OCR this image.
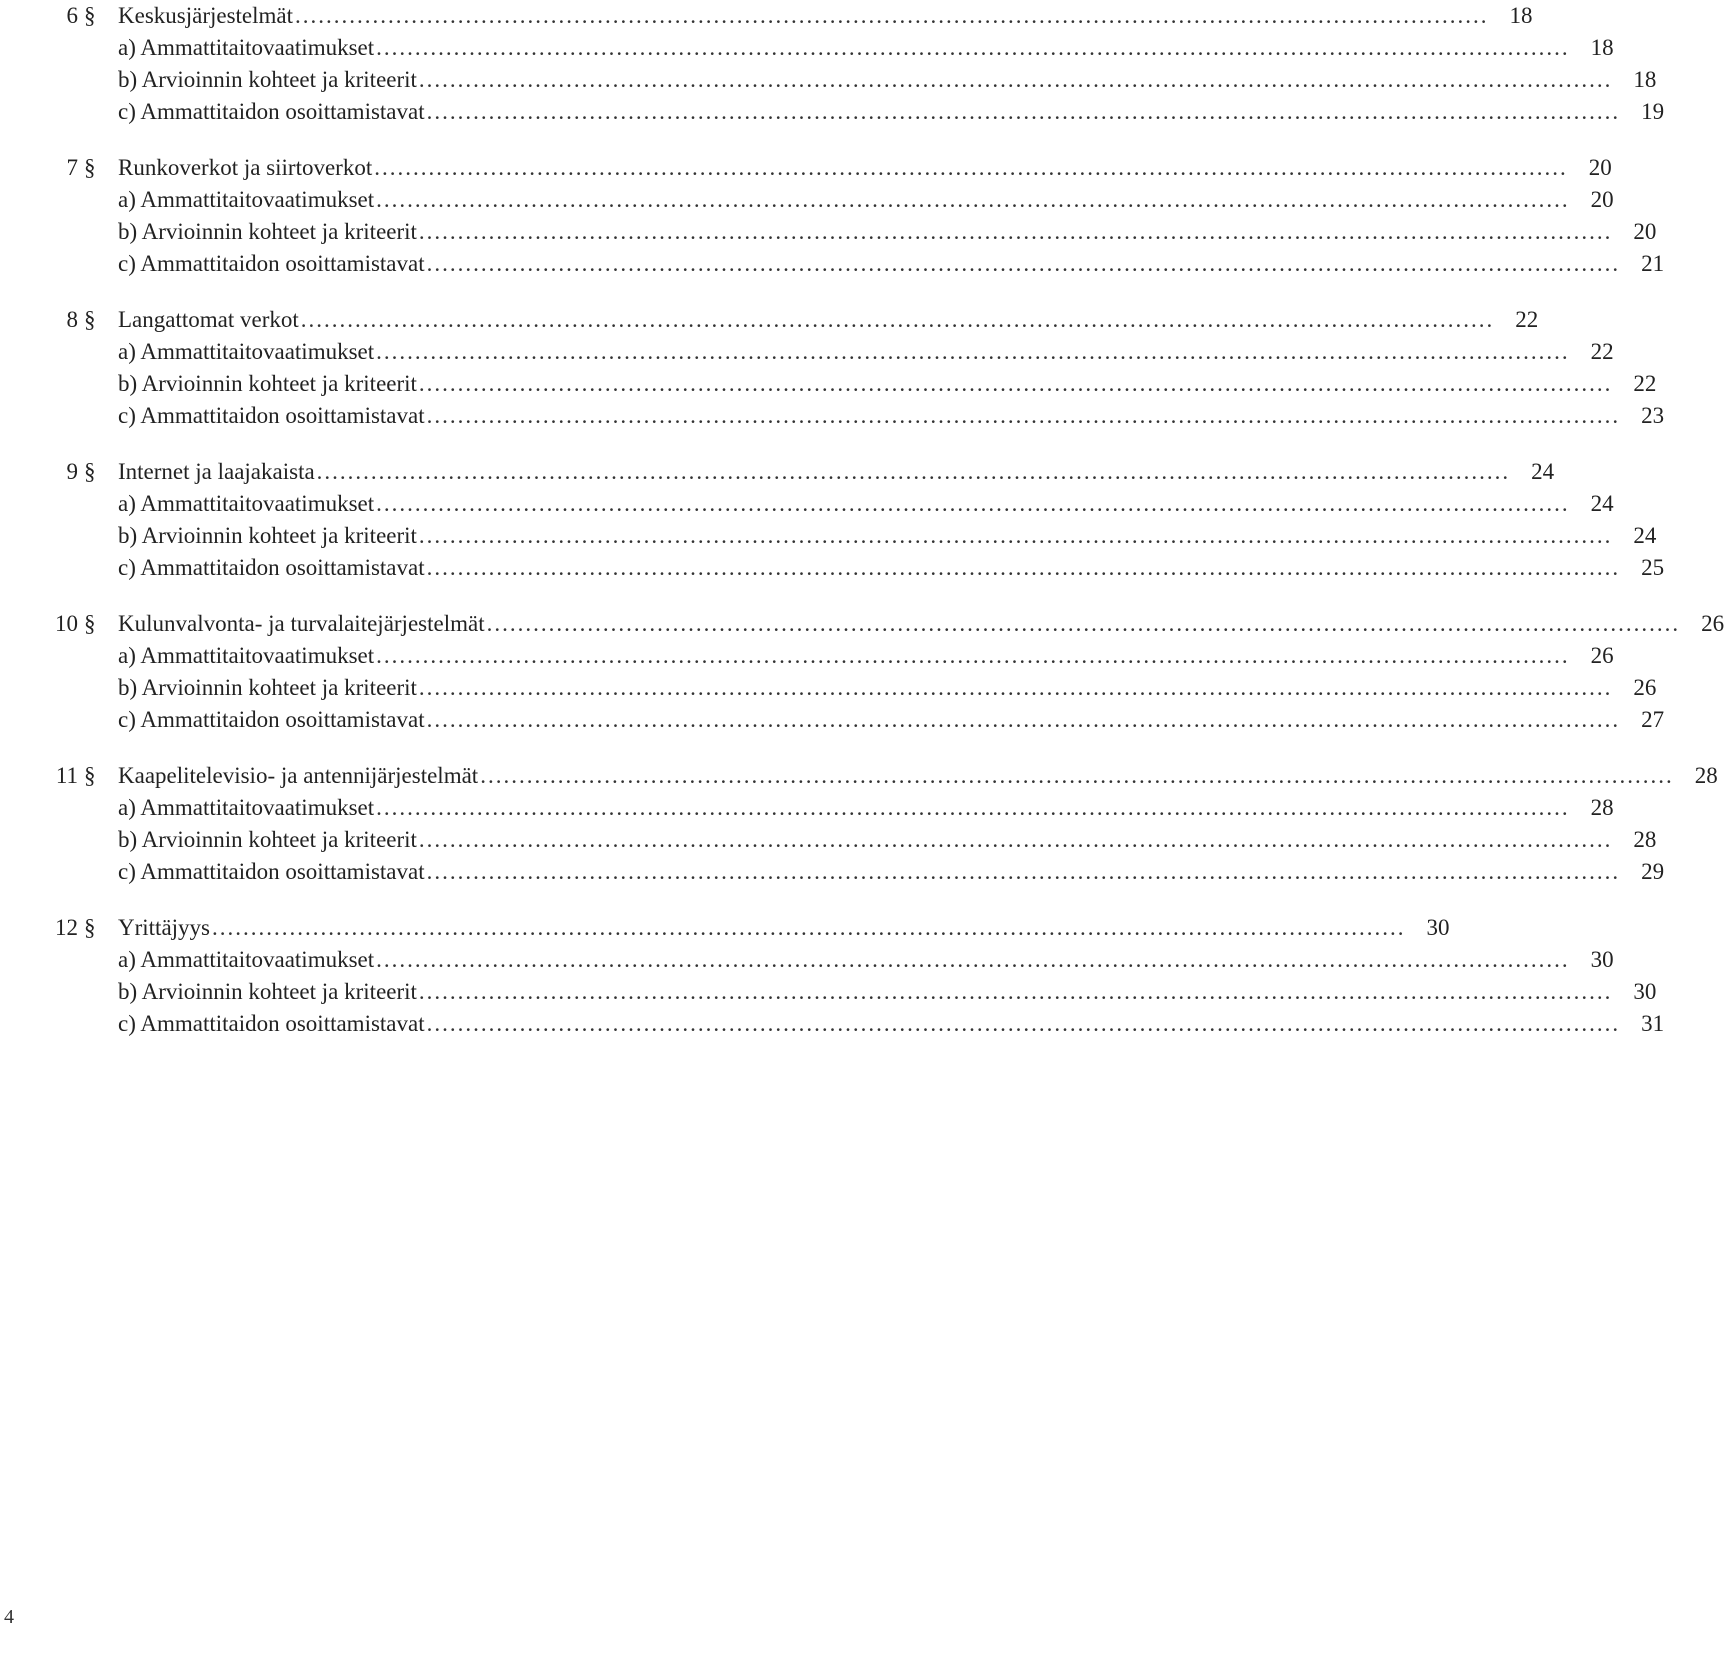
6 § Keskusjärjestelmät .......................................................................................................................................................... 18
a) Ammattitaitovaatimukset .......................................................................................................................................................... 18
b) Arvioinnin kohteet ja kriteerit .......................................................................................................................................................... 18
c) Ammattitaidon osoittamistavat .......................................................................................................................................................... 19
7 § Runkoverkot ja siirtoverkot .......................................................................................................................................................... 20
a) Ammattitaitovaatimukset .......................................................................................................................................................... 20
b) Arvioinnin kohteet ja kriteerit .......................................................................................................................................................... 20
c) Ammattitaidon osoittamistavat .......................................................................................................................................................... 21
8 § Langattomat verkot .......................................................................................................................................................... 22
a) Ammattitaitovaatimukset .......................................................................................................................................................... 22
b) Arvioinnin kohteet ja kriteerit .......................................................................................................................................................... 22
c) Ammattitaidon osoittamistavat .......................................................................................................................................................... 23
9 § Internet ja laajakaista .......................................................................................................................................................... 24
a) Ammattitaitovaatimukset .......................................................................................................................................................... 24
b) Arvioinnin kohteet ja kriteerit .......................................................................................................................................................... 24
c) Ammattitaidon osoittamistavat .......................................................................................................................................................... 25
10 § Kulunvalvonta- ja turvalaitejärjestelmät .......................................................................................................................................................... 26
a) Ammattitaitovaatimukset .......................................................................................................................................................... 26
b) Arvioinnin kohteet ja kriteerit .......................................................................................................................................................... 26
c) Ammattitaidon osoittamistavat .......................................................................................................................................................... 27
11 § Kaapelitelevisio- ja antennijärjestelmät .......................................................................................................................................................... 28
a) Ammattitaitovaatimukset .......................................................................................................................................................... 28
b) Arvioinnin kohteet ja kriteerit .......................................................................................................................................................... 28
c) Ammattitaidon osoittamistavat .......................................................................................................................................................... 29
12 § Yrittäjyys .......................................................................................................................................................... 30
a) Ammattitaitovaatimukset .......................................................................................................................................................... 30
b) Arvioinnin kohteet ja kriteerit .......................................................................................................................................................... 30
c) Ammattitaidon osoittamistavat .......................................................................................................................................................... 31
4
